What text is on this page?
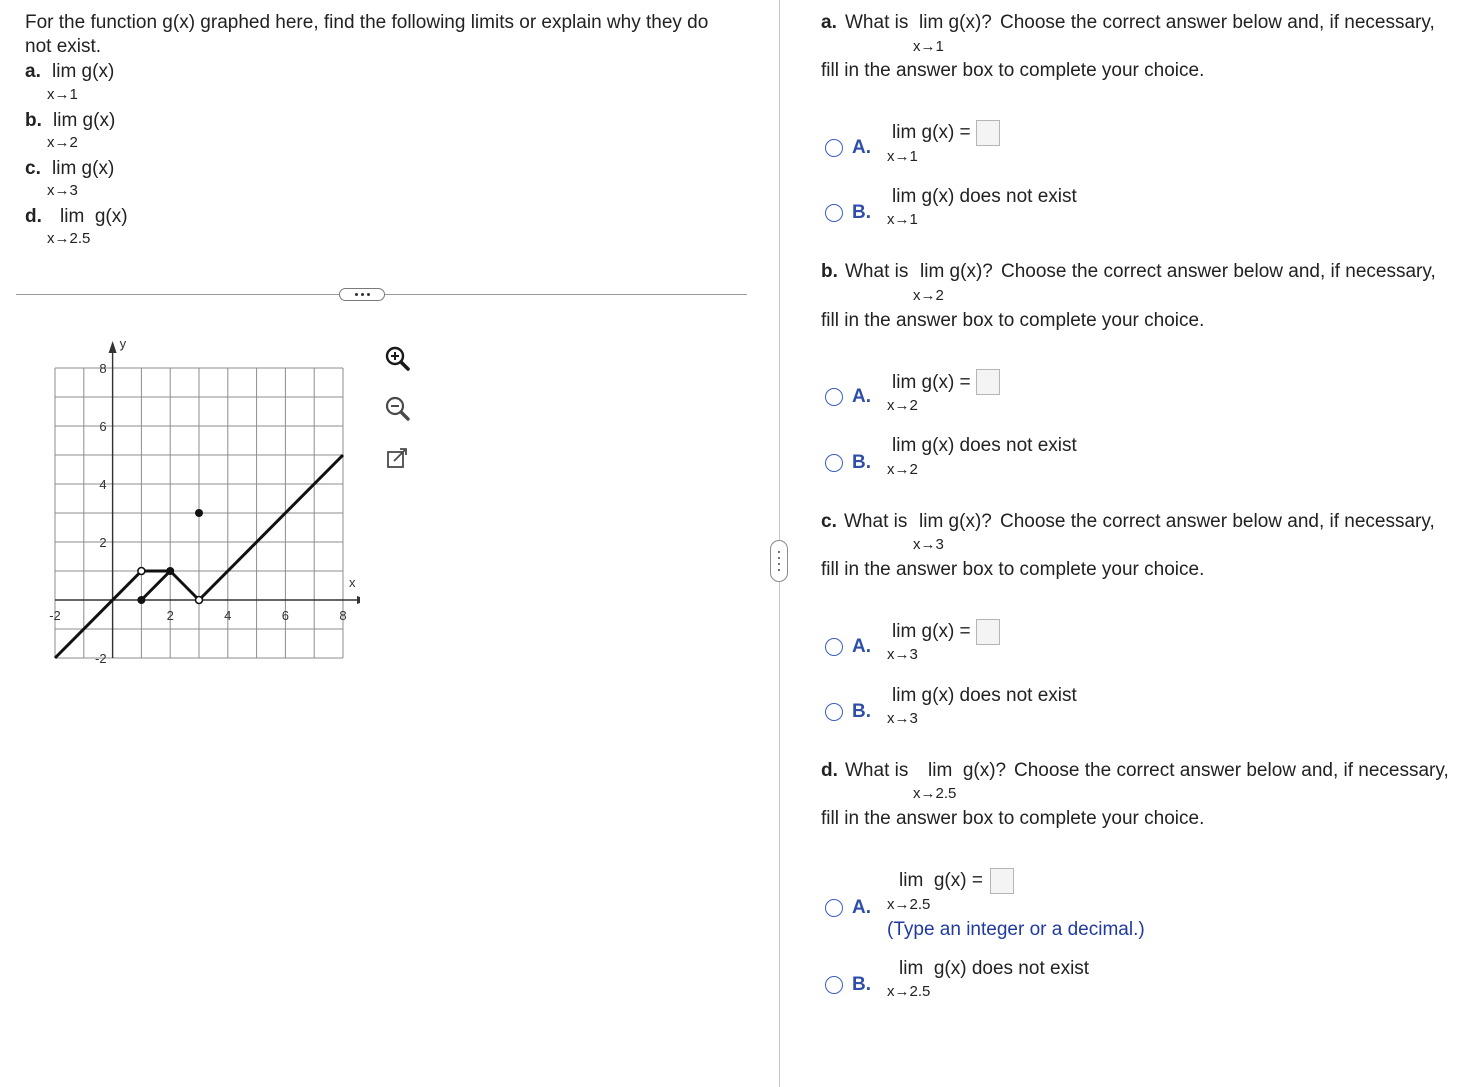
For the function g(x) graphed here, find the following limits or explain why they do
not exist.
a. lim g(x)
x→1
b. lim g(x)
x→2
c. lim g(x)
x→3
d. lim  g(x)
x→2.5
-2	2	4	6	8
8
6
4
2
-2
y
x
a. What is lim g(x)? Choose the correct answer below and, if necessary,
x→1
fill in the answer box to complete your choice.
A.
lim g(x) =
x→1
B.
lim g(x) does not exist
x→1
b. What is lim g(x)? Choose the correct answer below and, if necessary,
x→2
fill in the answer box to complete your choice.
A.
lim g(x) =
x→2
B.
lim g(x) does not exist
x→2
c. What is lim g(x)? Choose the correct answer below and, if necessary,
x→3
fill in the answer box to complete your choice.
A.
lim g(x) =
x→3
B.
lim g(x) does not exist
x→3
d. What is lim  g(x)? Choose the correct answer below and, if necessary,
x→2.5
fill in the answer box to complete your choice.
A.
lim  g(x) =
x→2.5
(Type an integer or a decimal.)
B.
lim  g(x) does not exist
x→2.5
